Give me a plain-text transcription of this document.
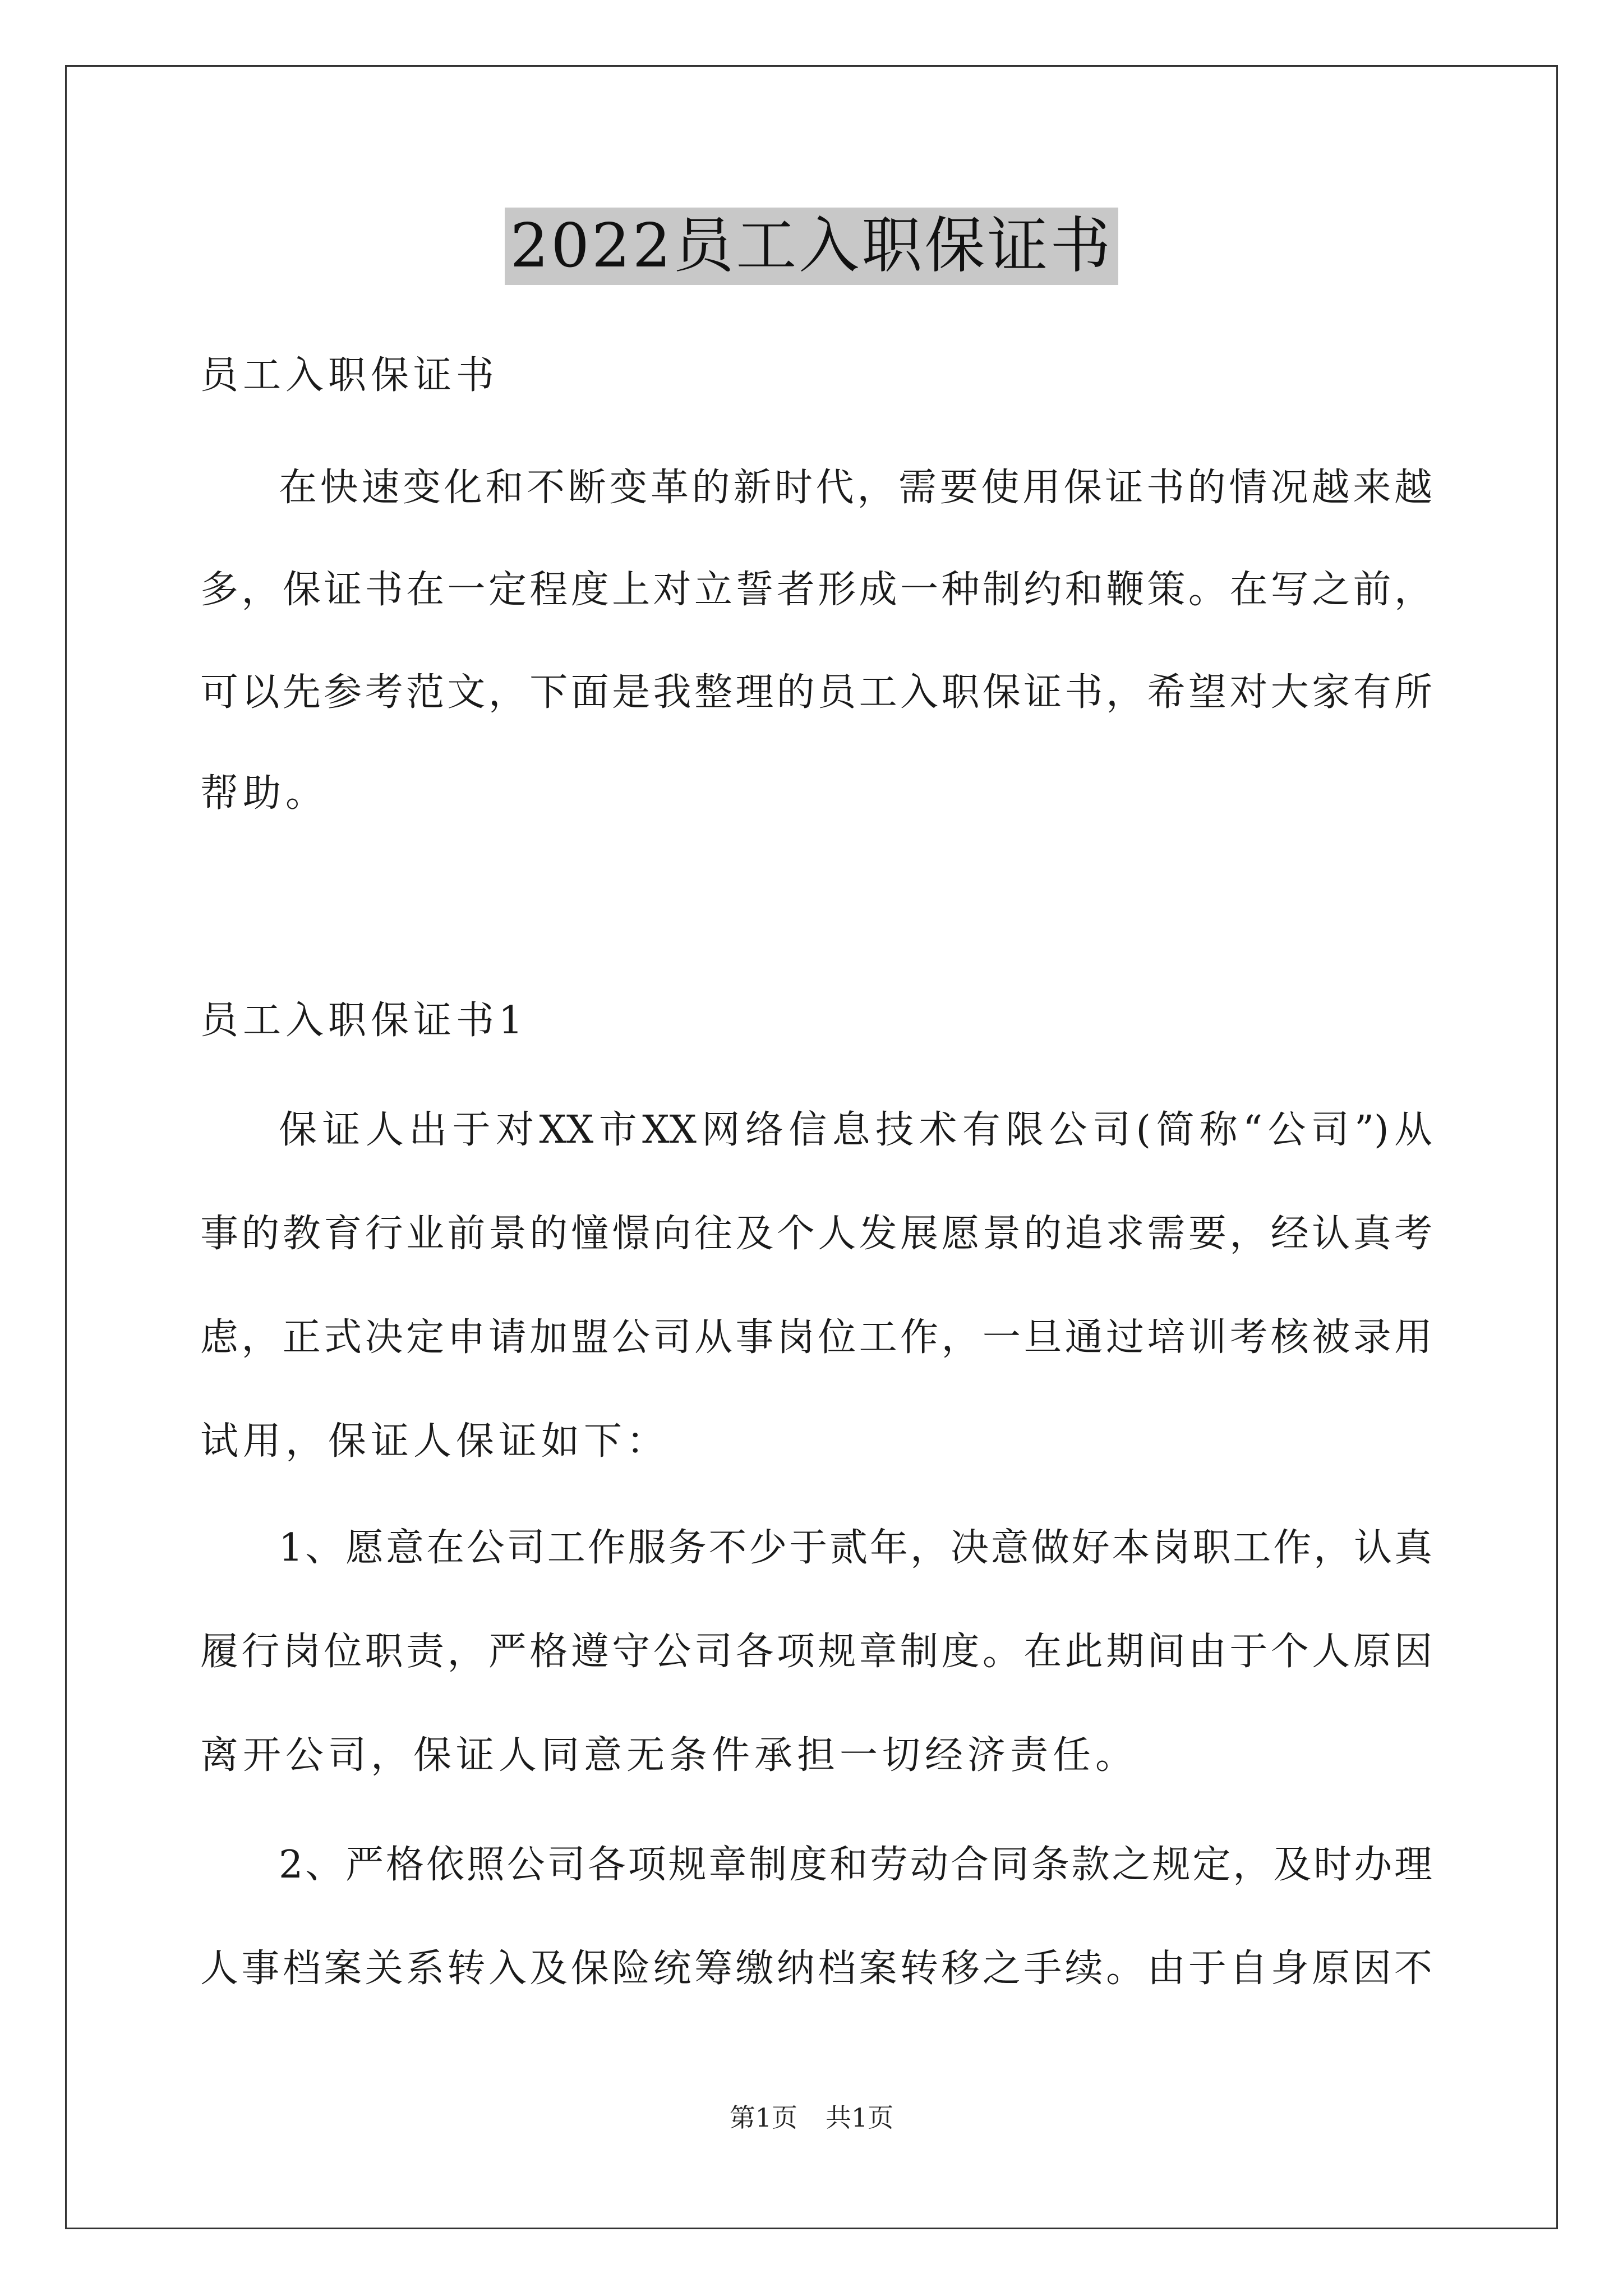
2022员工入职保证书
员工入职保证书
在快速变化和不断变革的新时代，需要使用保证书的情况越来越
多，保证书在一定程度上对立誓者形成一种制约和鞭策。在写之前，
可以先参考范文，下面是我整理的员工入职保证书，希望对大家有所
帮助。
员工入职保证书1
保证人出于对XX市XX网络信息技术有限公司(简称“公司”)从
事的教育行业前景的憧憬向往及个人发展愿景的追求需要，经认真考
虑，正式决定申请加盟公司从事岗位工作，一旦通过培训考核被录用
试用，保证人保证如下：
1、愿意在公司工作服务不少于贰年，决意做好本岗职工作，认真
履行岗位职责，严格遵守公司各项规章制度。在此期间由于个人原因
离开公司，保证人同意无条件承担一切经济责任。
2、严格依照公司各项规章制度和劳动合同条款之规定，及时办理
人事档案关系转入及保险统筹缴纳档案转移之手续。由于自身原因不
第1页 共1页
